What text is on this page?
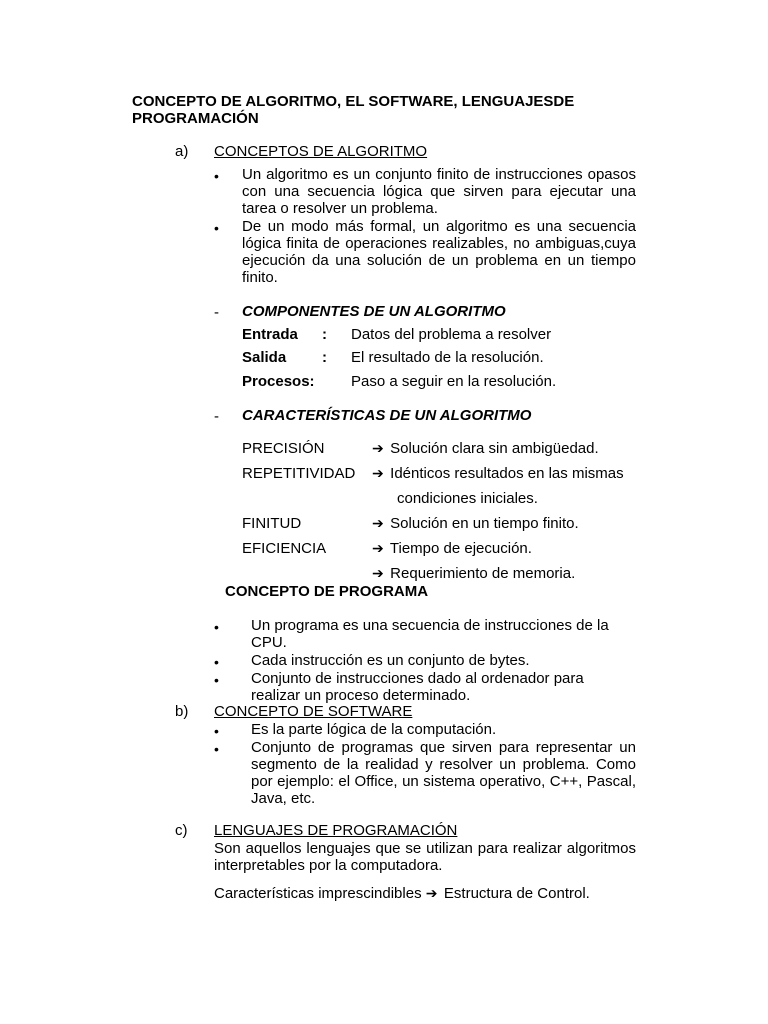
CONCEPTO DE ALGORITMO, EL SOFTWARE, LENGUAJESDE PROGRAMACIÓN
a) CONCEPTOS DE ALGORITMO
• Un algoritmo es un conjunto finito de instrucciones opasos con una secuencia lógica que sirven para ejecutar una tarea o resolver un problema.
• De un modo más formal, un algoritmo es una secuencia lógica finita de operaciones realizables, no ambiguas,cuya ejecución da una solución de un problema en un tiempo finito.
- COMPONENTES DE UN ALGORITMO
Entrada : Datos del problema a resolver
Salida : El resultado de la resolución.
Procesos: Paso a seguir en la resolución.
- CARACTERÍSTICAS DE UN ALGORITMO
PRECISIÓN	➔ Solución clara sin ambigüedad.
REPETITIVIDAD ➔ Idénticos resultados en las mismas
condiciones iniciales.
FINITUD	➔ Solución en un tiempo finito.
EFICIENCIA	➔ Tiempo de ejecución.
➔ Requerimiento de memoria.
CONCEPTO DE PROGRAMA
• Un programa es una secuencia de instrucciones de la CPU.
• Cada instrucción es un conjunto de bytes.
• Conjunto de instrucciones dado al ordenador para realizar un proceso determinado.
b) CONCEPTO DE SOFTWARE
• Es la parte lógica de la computación.
• Conjunto de programas que sirven para representar un segmento de la realidad y resolver un problema. Como por ejemplo: el Office, un sistema operativo, C++, Pascal, Java, etc.
c) LENGUAJES DE PROGRAMACIÓN
Son aquellos lenguajes que se utilizan para realizar algoritmos interpretables por la computadora.
Características imprescindibles ➔ Estructura de Control.
